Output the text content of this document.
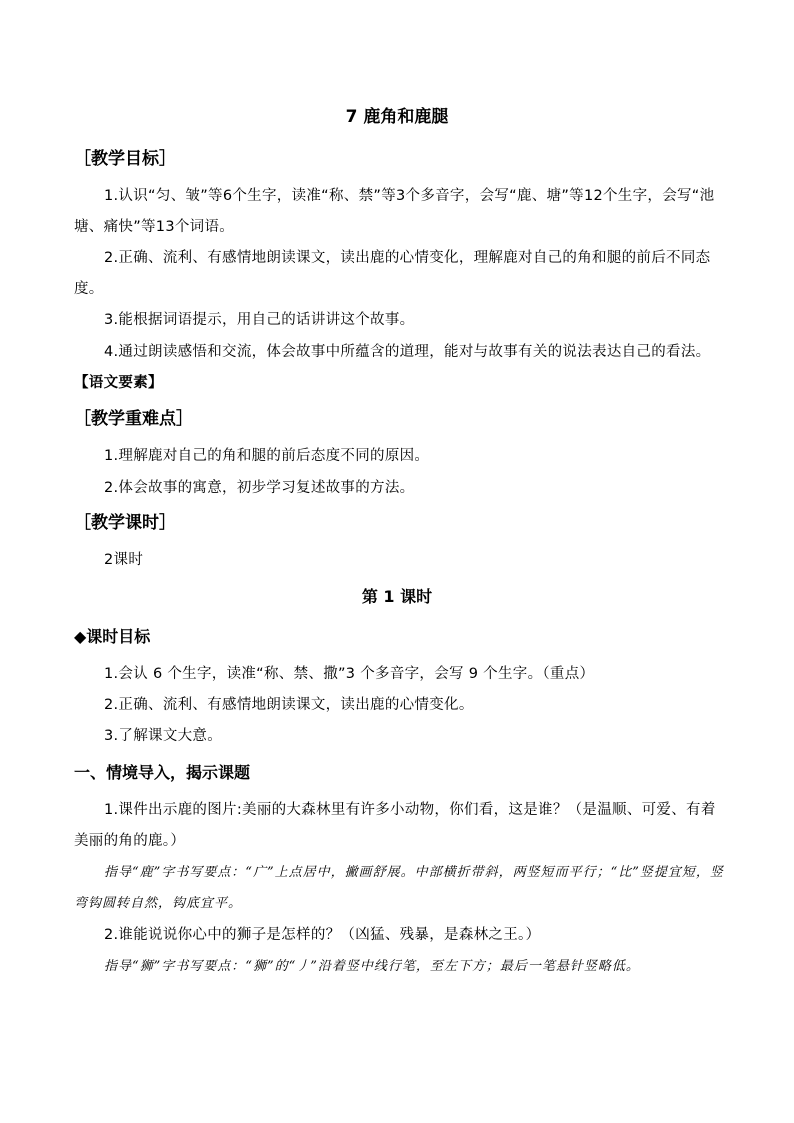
7 鹿角和鹿腿
［教学目标］
1.认识“匀、皱”等6个生字，读准“称、禁”等3个多音字，会写“鹿、塘”等12个生字，会写“池塘、痛快”等13个词语。
2.正确、流利、有感情地朗读课文，读出鹿的心情变化，理解鹿对自己的角和腿的前后不同态度。
3.能根据词语提示，用自己的话讲讲这个故事。
4.通过朗读感悟和交流，体会故事中所蕴含的道理，能对与故事有关的说法表达自己的看法。【语文要素】
［教学重难点］
1.理解鹿对自己的角和腿的前后态度不同的原因。
2.体会故事的寓意，初步学习复述故事的方法。
［教学课时］
2课时
第 1 课时
◆课时目标
1.会认 6 个生字，读准“称、禁、撒”3 个多音字，会写 9 个生字。（重点）
2.正确、流利、有感情地朗读课文，读出鹿的心情变化。
3.了解课文大意。
一、情境导入，揭示课题
1.课件出示鹿的图片:美丽的大森林里有许多小动物，你们看，这是谁？（是温顺、可爱、有着美丽的角的鹿。）
指导“鹿”字书写要点：“广”上点居中，撇画舒展。中部横折带斜，两竖短而平行；“比”竖提宜短，竖弯钩圆转自然，钩底宜平。
2.谁能说说你心中的狮子是怎样的？（凶猛、残暴，是森林之王。）
指导“狮”字书写要点：“狮”的“丿”沿着竖中线行笔，至左下方；最后一笔悬针竖略低。
